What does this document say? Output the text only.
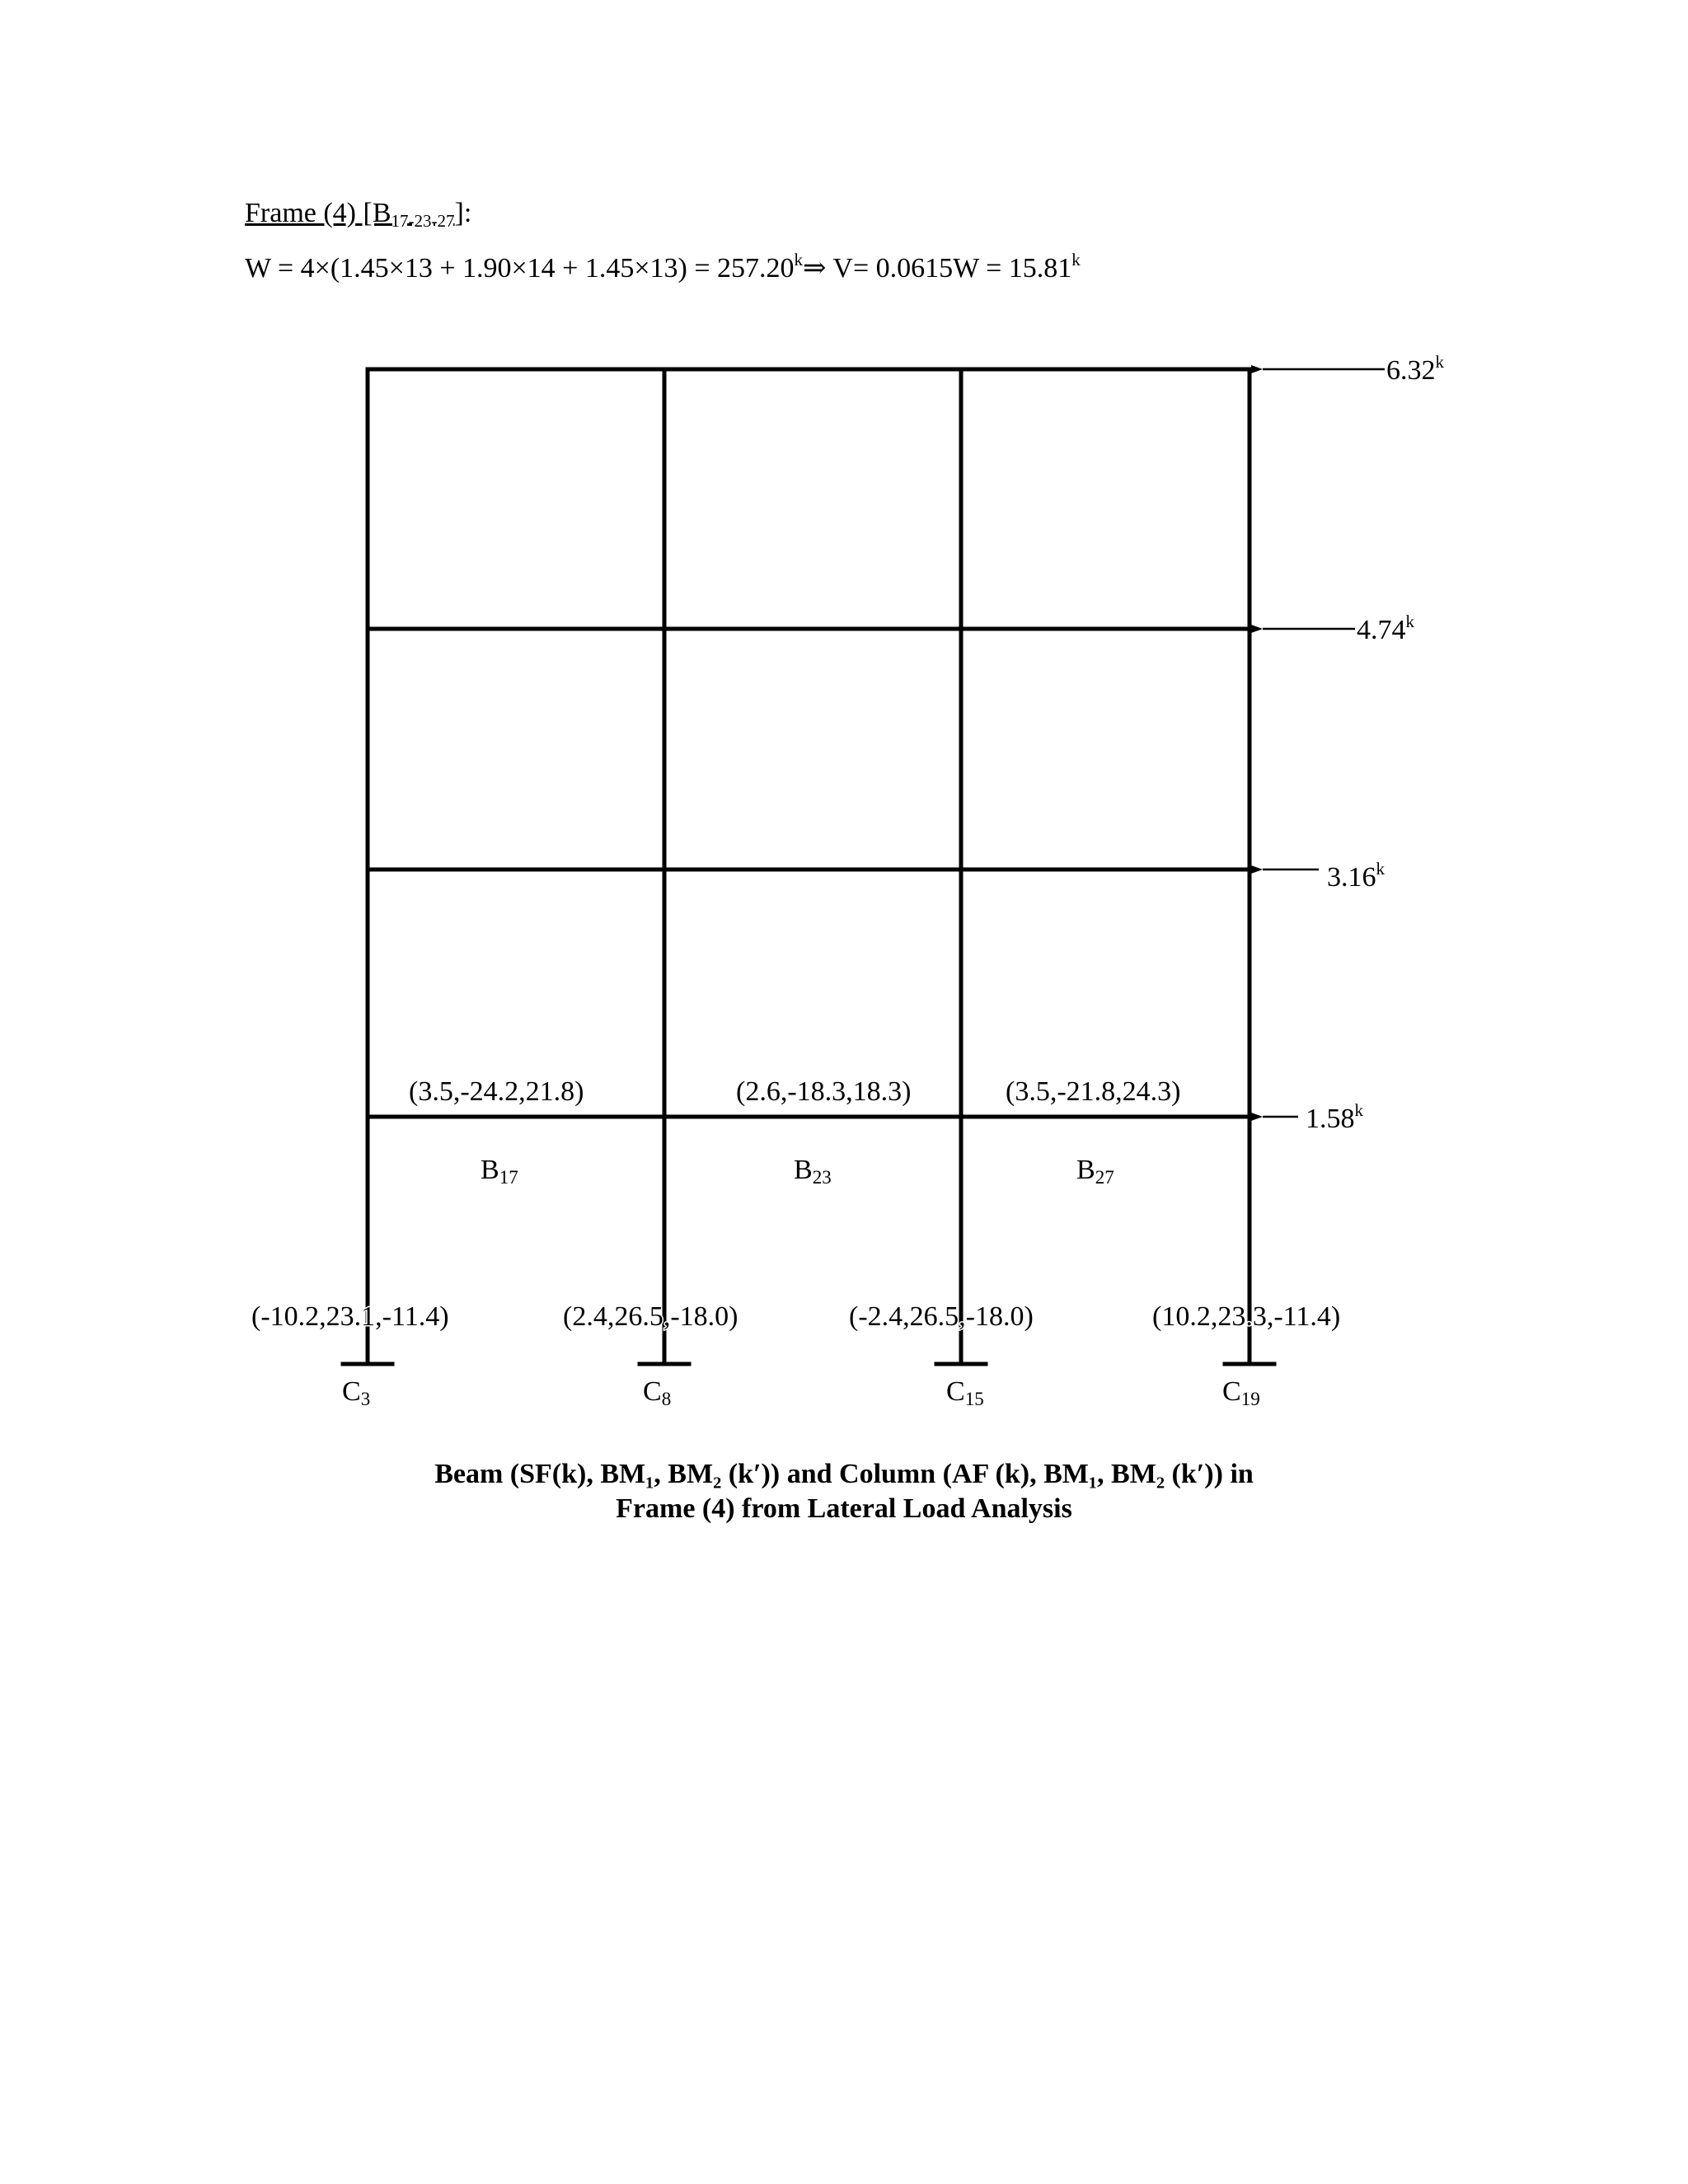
Frame (4) $[B_{17-23-27}]$:
$W = 4\times(1.45\times 13 + 1.90\times 14 + 1.45\times 13) = 257.20^k\Rightarrow$ $V= 0.0615W = 15.81^k$
6.32$^k$
4.74$^k$
3.16$^k$
1.58$^k$
(3.5,-24.2,21.8)	(2.6,-18.3,18.3)	(3.5,-21.8,24.3)
B17	B23	B27
(-10.2,23.1,-11.4)	(2.4,26.5,-18.0)	(-2.4,26.5,-18.0)	(10.2,23.3,-11.4)
C3	C8	C15	C19
Beam (SF(k), BM₁, BM₂ (k′)) and Column (AF (k), BM₁, BM₂ (k′)) in
Frame (4) from Lateral Load Analysis
